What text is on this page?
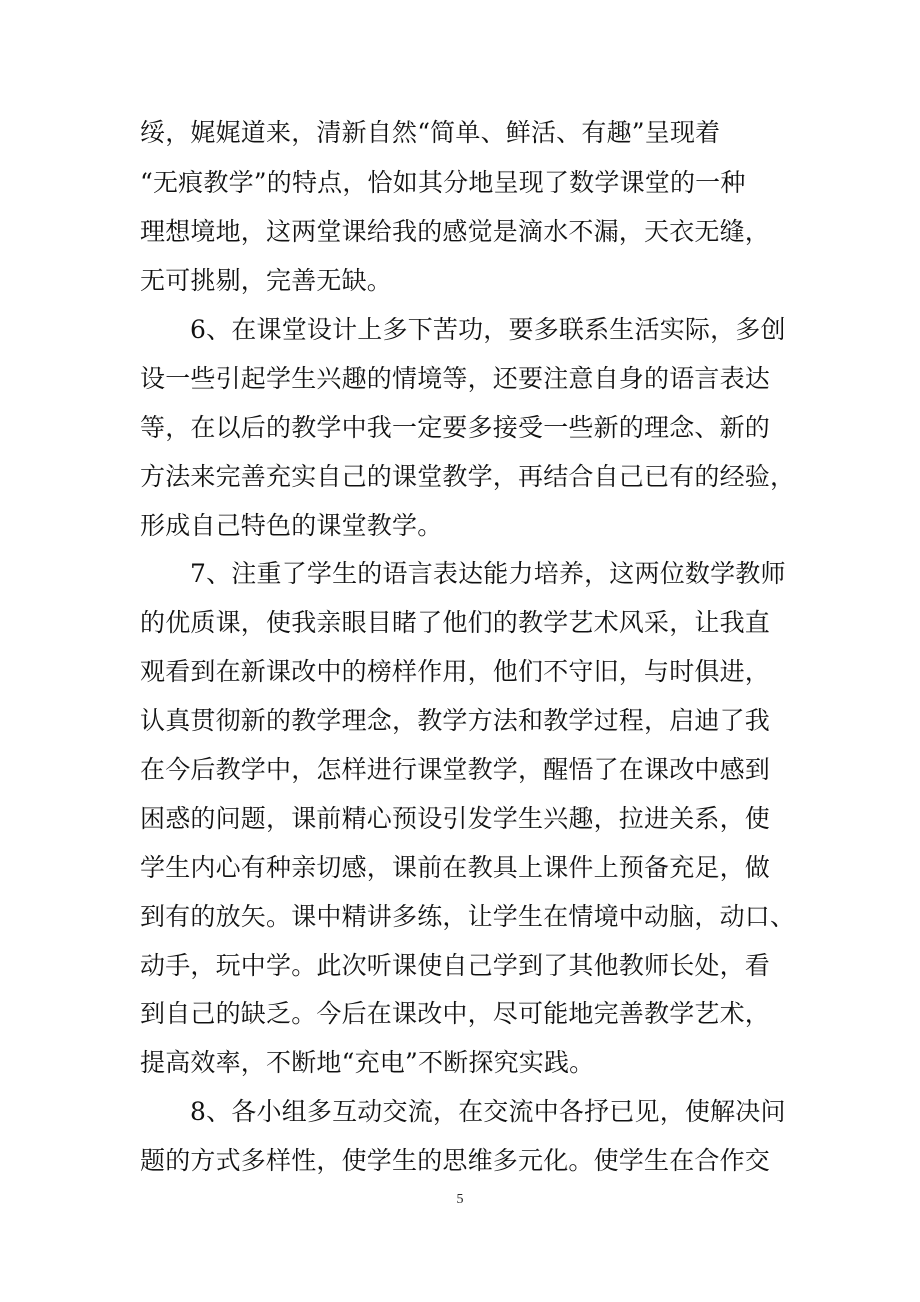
绥，娓娓道来，清新自然“简单、鲜活、有趣”呈现着
“无痕教学”的特点，恰如其分地呈现了数学课堂的一种
理想境地，这两堂课给我的感觉是滴水不漏，天衣无缝，
无可挑剔，完善无缺。
6、在课堂设计上多下苦功，要多联系生活实际，多创
设一些引起学生兴趣的情境等，还要注意自身的语言表达
等，在以后的教学中我一定要多接受一些新的理念、新的
方法来完善充实自己的课堂教学，再结合自己已有的经验，
形成自己特色的课堂教学。
7、注重了学生的语言表达能力培养，这两位数学教师
的优质课，使我亲眼目睹了他们的教学艺术风采，让我直
观看到在新课改中的榜样作用，他们不守旧，与时俱进，
认真贯彻新的教学理念，教学方法和教学过程，启迪了我
在今后教学中，怎样进行课堂教学，醒悟了在课改中感到
困惑的问题，课前精心预设引发学生兴趣，拉进关系，使
学生内心有种亲切感，课前在教具上课件上预备充足，做
到有的放矢。课中精讲多练，让学生在情境中动脑，动口、
动手，玩中学。此次听课使自己学到了其他教师长处，看
到自己的缺乏。今后在课改中，尽可能地完善教学艺术，
提高效率，不断地“充电”不断探究实践。
8、各小组多互动交流，在交流中各抒已见，使解决问
题的方式多样性，使学生的思维多元化。使学生在合作交
5
